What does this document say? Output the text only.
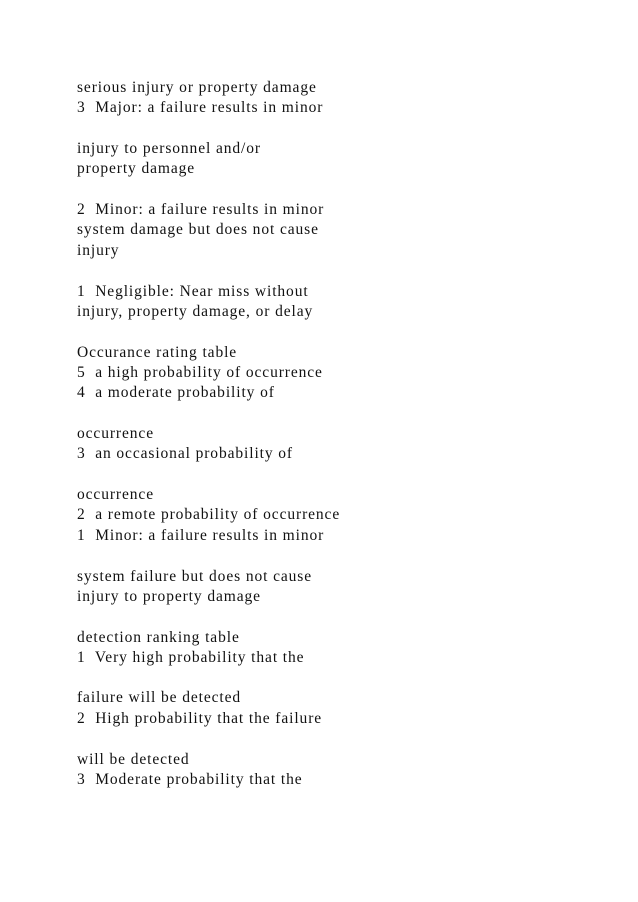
serious injury or property damage

3  Major: a failure results in minor

injury to personnel and/or

property damage

2  Minor: a failure results in minor

system damage but does not cause

injury

1  Negligible: Near miss without

injury, property damage, or delay

Occurance rating table

5  a high probability of occurrence

4  a moderate probability of

occurrence

3  an occasional probability of

occurrence

2  a remote probability of occurrence

1  Minor: a failure results in minor

system failure but does not cause

injury to property damage

detection ranking table

1  Very high probability that the

failure will be detected

2  High probability that the failure

will be detected

3  Moderate probability that the
